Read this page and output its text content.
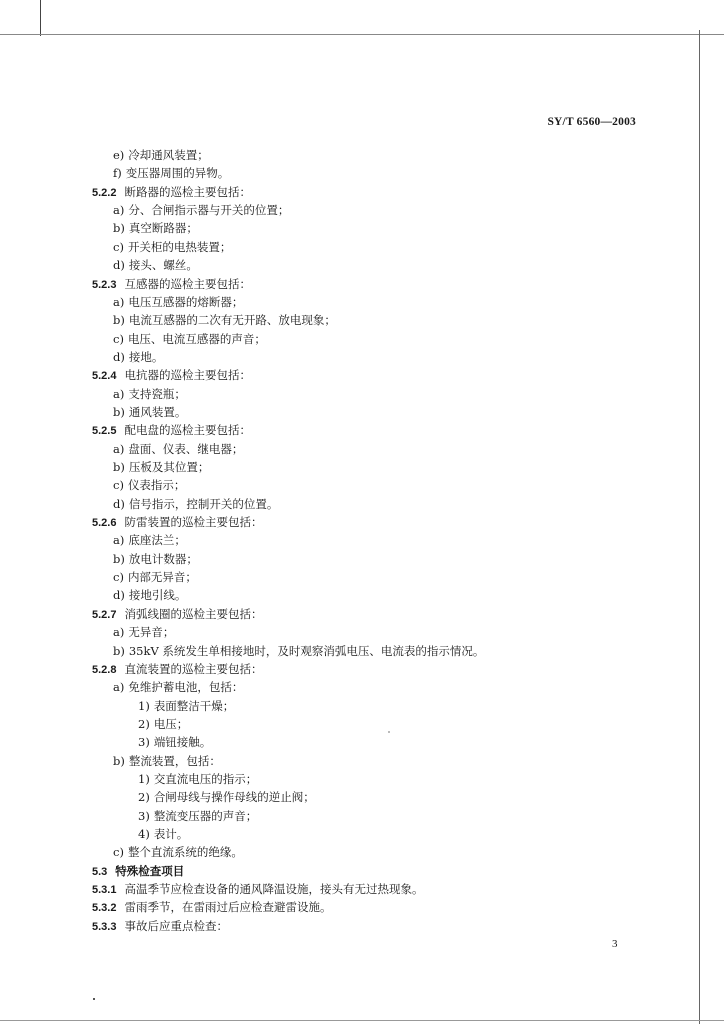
SY/T 6560—2003
e) 冷却通风装置；
f) 变压器周围的异物。
5.2.2 断路器的巡检主要包括：
a) 分、合闸指示器与开关的位置；
b) 真空断路器；
c) 开关柜的电热装置；
d) 接头、螺丝。
5.2.3 互感器的巡检主要包括：
a) 电压互感器的熔断器；
b) 电流互感器的二次有无开路、放电现象；
c) 电压、电流互感器的声音；
d) 接地。
5.2.4 电抗器的巡检主要包括：
a) 支持瓷瓶；
b) 通风装置。
5.2.5 配电盘的巡检主要包括：
a) 盘面、仪表、继电器；
b) 压板及其位置；
c) 仪表指示；
d) 信号指示，控制开关的位置。
5.2.6 防雷装置的巡检主要包括：
a) 底座法兰；
b) 放电计数器；
c) 内部无异音；
d) 接地引线。
5.2.7 消弧线圈的巡检主要包括：
a) 无异音；
b) 35kV 系统发生单相接地时，及时观察消弧电压、电流表的指示情况。
5.2.8 直流装置的巡检主要包括：
a) 免维护蓄电池，包括：
1) 表面整洁干燥；
2) 电压；
3) 端钮接触。
b) 整流装置，包括：
1) 交直流电压的指示；
2) 合闸母线与操作母线的逆止阀；
3) 整流变压器的声音；
4) 表计。
c) 整个直流系统的绝缘。
5.3 特殊检查项目
5.3.1 高温季节应检查设备的通风降温设施，接头有无过热现象。
5.3.2 雷雨季节，在雷雨过后应检查避雷设施。
5.3.3 事故后应重点检查：
3
